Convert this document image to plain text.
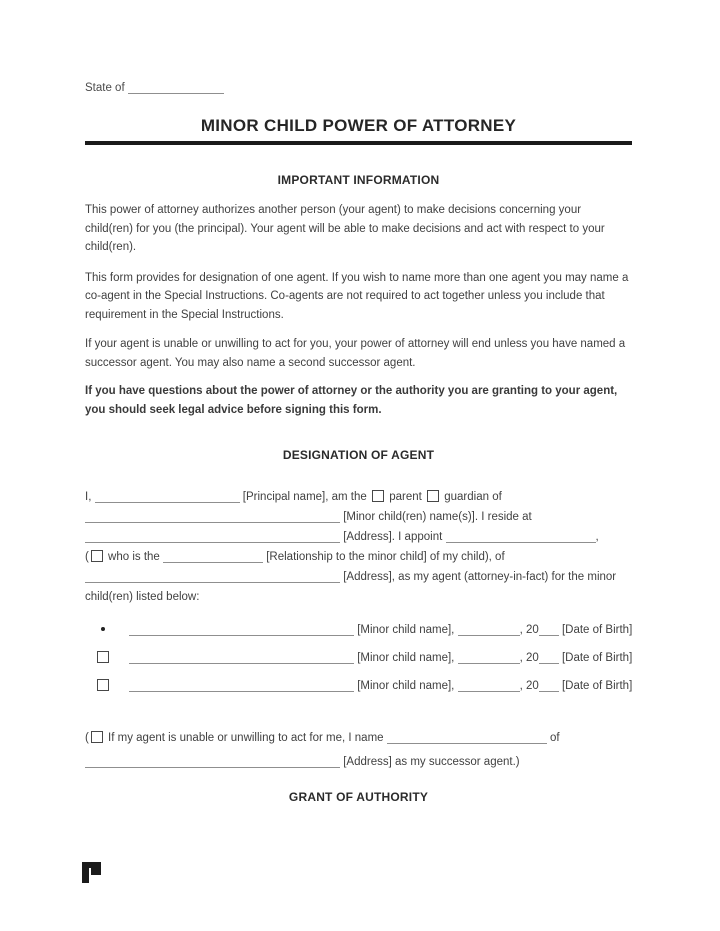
State of
MINOR CHILD POWER OF ATTORNEY
IMPORTANT INFORMATION

This power of attorney authorizes another person (your agent) to make decisions concerning your child(ren) for you (the principal). Your agent will be able to make decisions and act with respect to your child(ren).

This form provides for designation of one agent. If you wish to name more than one agent you may name a co-agent in the Special Instructions. Co-agents are not required to act together unless you include that requirement in the Special Instructions.

If your agent is unable or unwilling to act for you, your power of attorney will end unless you have named a successor agent. You may also name a second successor agent.

If you have questions about the power of attorney or the authority you are granting to your agent, you should seek legal advice before signing this form.

DESIGNATION OF AGENT
I,	[Principal name], am the parent guardian of
[Minor child(ren) name(s)]. I reside at
[Address]. I appoint	,
( who is the	[Relationship to the minor child] of my child), of
[Address], as my agent (attorney-in-fact) for the minor
child(ren) listed below:
[Minor child name],	, 20 [Date of Birth]
[Minor child name],	, 20 [Date of Birth]
[Minor child name],	, 20 [Date of Birth]
( If my agent is unable or unwilling to act for me, I name	of
[Address] as my successor agent.)
GRANT OF AUTHORITY
